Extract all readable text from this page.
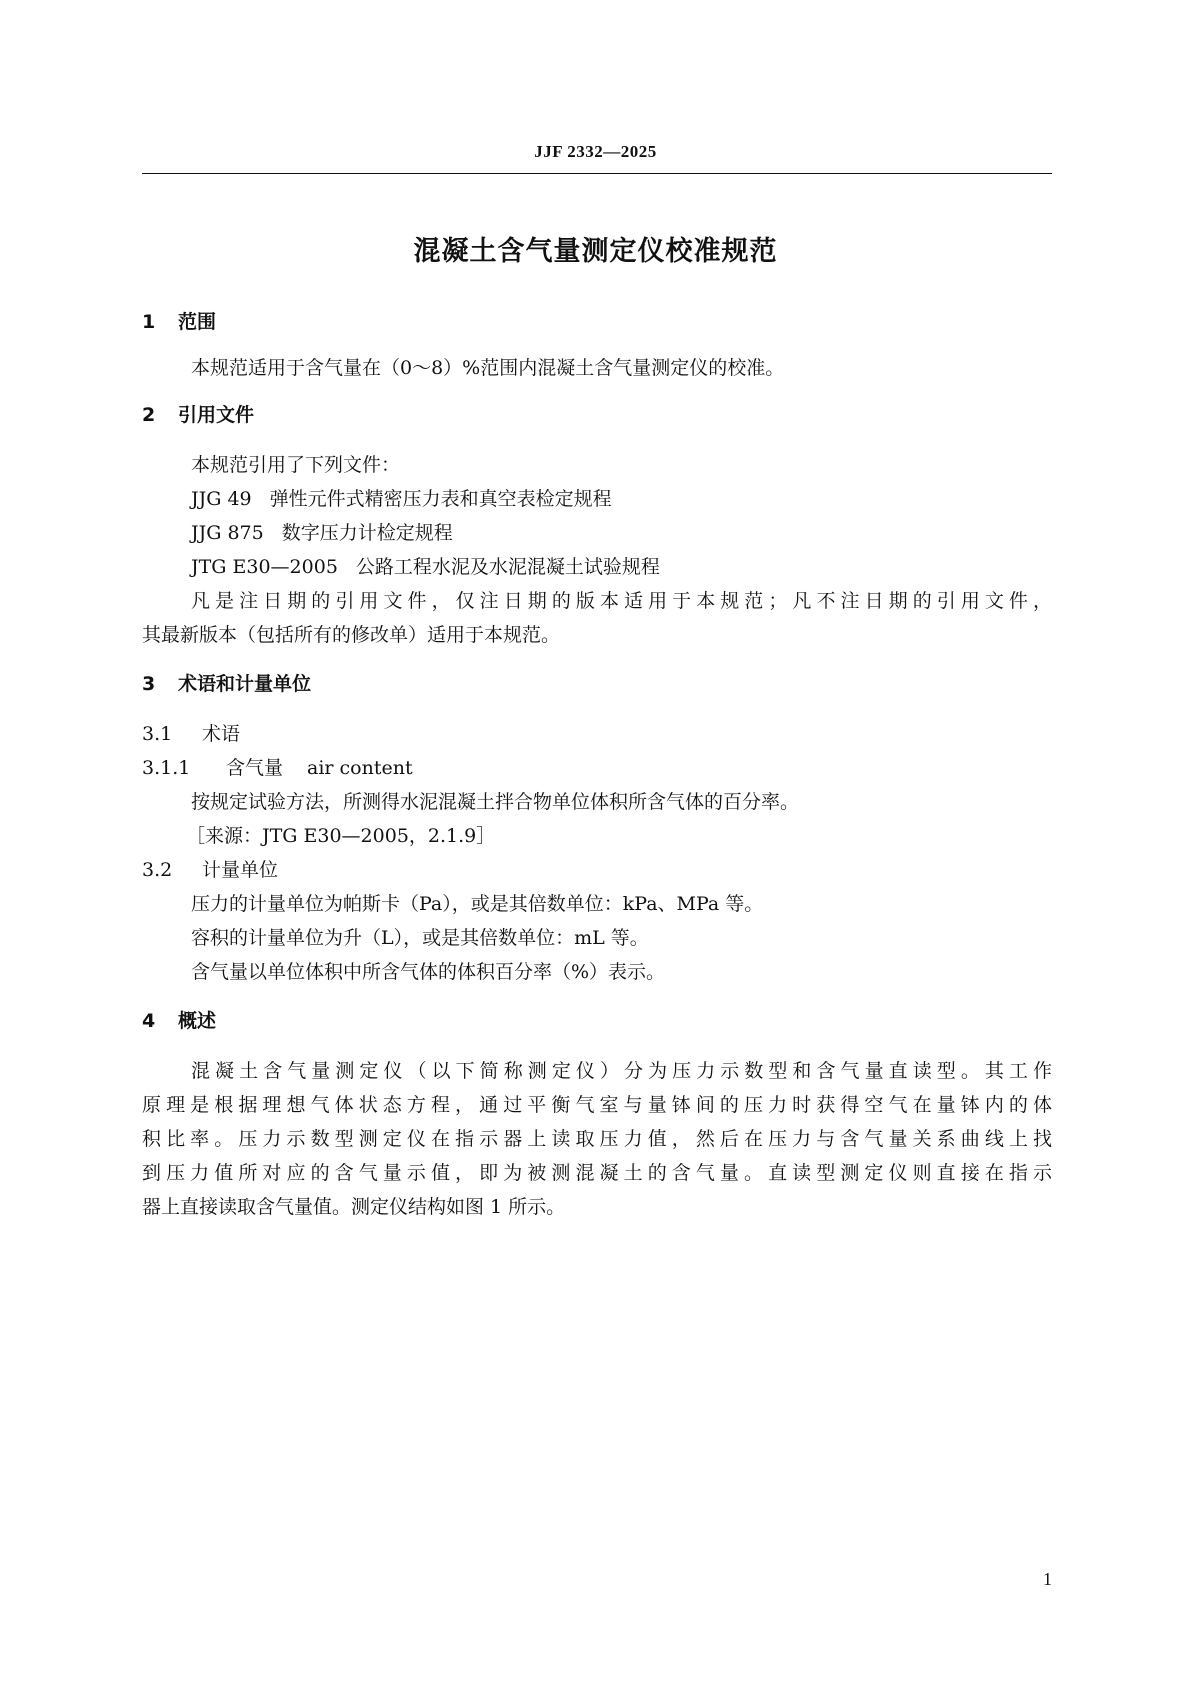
JJF 2332—2025
混凝土含气量测定仪校准规范
1 范围
本规范适用于含气量在（0～8）%范围内混凝土含气量测定仪的校准。
2 引用文件
本规范引用了下列文件：
JJG 49 弹性元件式精密压力表和真空表检定规程
JJG 875 数字压力计检定规程
JTG E30—2005 公路工程水泥及水泥混凝土试验规程
凡是注日期的引用文件，仅注日期的版本适用于本规范；凡不注日期的引用文件，
其最新版本（包括所有的修改单）适用于本规范。
3 术语和计量单位
3.1 术语
3.1.1 含气量 air content
按规定试验方法，所测得水泥混凝土拌合物单位体积所含气体的百分率。
［来源：JTG E30—2005，2.1.9］
3.2 计量单位
压力的计量单位为帕斯卡（Pa），或是其倍数单位：kPa、MPa 等。
容积的计量单位为升（L），或是其倍数单位：mL 等。
含气量以单位体积中所含气体的体积百分率（%）表示。
4 概述
混凝土含气量测定仪（以下简称测定仪）分为压力示数型和含气量直读型。其工作
原理是根据理想气体状态方程，通过平衡气室与量钵间的压力时获得空气在量钵内的体
积比率。压力示数型测定仪在指示器上读取压力值，然后在压力与含气量关系曲线上找
到压力值所对应的含气量示值，即为被测混凝土的含气量。直读型测定仪则直接在指示
器上直接读取含气量值。测定仪结构如图 1 所示。
1
